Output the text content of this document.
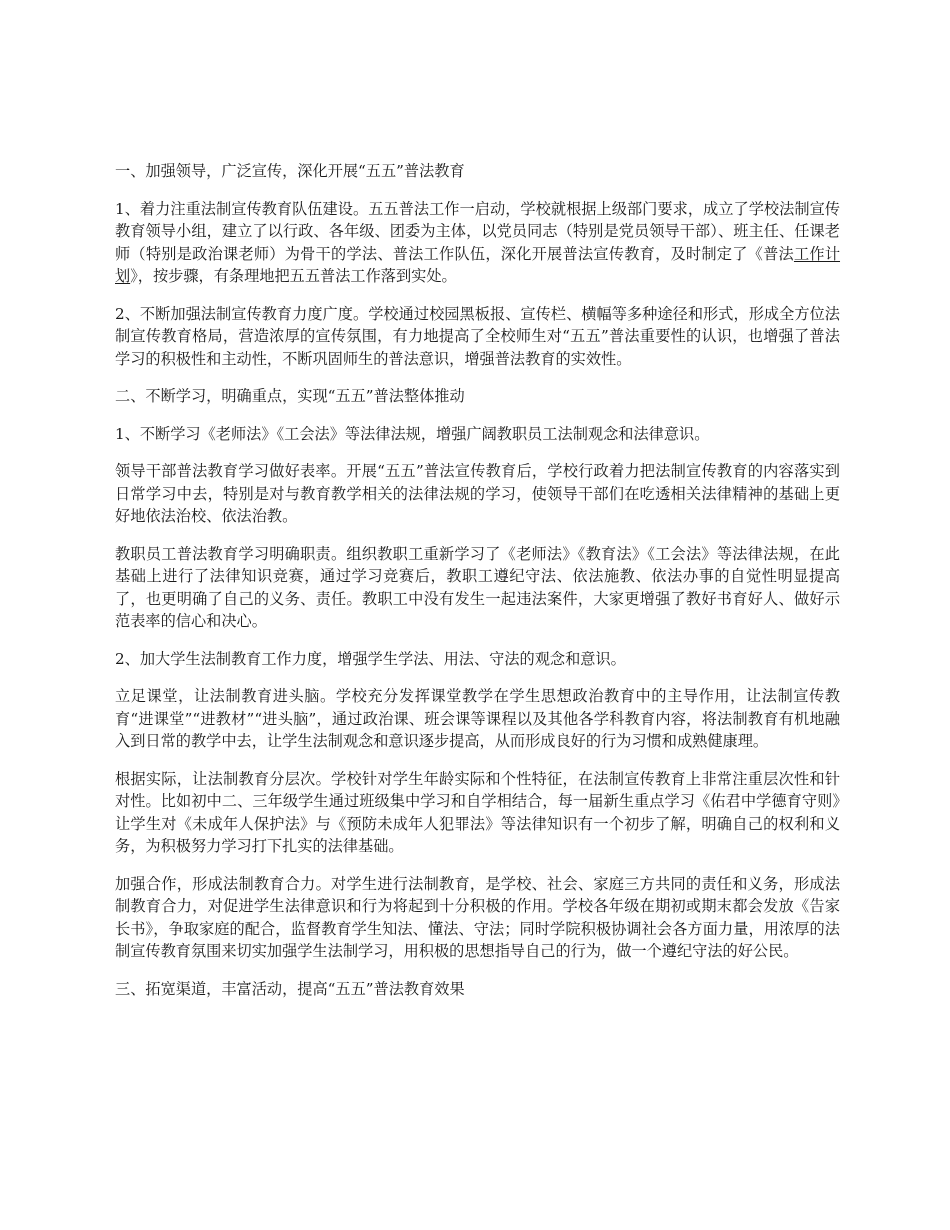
一、加强领导，广泛宣传，深化开展“五五”普法教育

1、着力注重法制宣传教育队伍建设。五五普法工作一启动，学校就根据上级部门要求，成立了学校法制宣传教育领导小组，建立了以行政、各年级、团委为主体，以党员同志（特别是党员领导干部）、班主任、任课老师（特别是政治课老师）为骨干的学法、普法工作队伍，深化开展普法宣传教育，及时制定了《普法工作计划》，按步骤，有条理地把五五普法工作落到实处。

2、不断加强法制宣传教育力度广度。学校通过校园黑板报、宣传栏、横幅等多种途径和形式，形成全方位法制宣传教育格局，营造浓厚的宣传氛围，有力地提高了全校师生对“五五”普法重要性的认识，也增强了普法学习的积极性和主动性，不断巩固师生的普法意识，增强普法教育的实效性。

二、不断学习，明确重点，实现“五五”普法整体推动

1、不断学习《老师法》《工会法》等法律法规，增强广阔教职员工法制观念和法律意识。

领导干部普法教育学习做好表率。开展“五五”普法宣传教育后，学校行政着力把法制宣传教育的内容落实到日常学习中去，特别是对与教育教学相关的法律法规的学习，使领导干部们在吃透相关法律精神的基础上更好地依法治校、依法治教。

教职员工普法教育学习明确职责。组织教职工重新学习了《老师法》《教育法》《工会法》等法律法规，在此基础上进行了法律知识竞赛，通过学习竞赛后，教职工遵纪守法、依法施教、依法办事的自觉性明显提高了，也更明确了自己的义务、责任。教职工中没有发生一起违法案件，大家更增强了教好书育好人、做好示范表率的信心和决心。

2、加大学生法制教育工作力度，增强学生学法、用法、守法的观念和意识。

立足课堂，让法制教育进头脑。学校充分发挥课堂教学在学生思想政治教育中的主导作用，让法制宣传教育“进课堂”“进教材”“进头脑”，通过政治课、班会课等课程以及其他各学科教育内容，将法制教育有机地融入到日常的教学中去，让学生法制观念和意识逐步提高，从而形成良好的行为习惯和成熟健康理。

根据实际，让法制教育分层次。学校针对学生年龄实际和个性特征，在法制宣传教育上非常注重层次性和针对性。比如初中二、三年级学生通过班级集中学习和自学相结合，每一届新生重点学习《佑君中学德育守则》让学生对《未成年人保护法》与《预防未成年人犯罪法》等法律知识有一个初步了解，明确自己的权利和义务，为积极努力学习打下扎实的法律基础。

加强合作，形成法制教育合力。对学生进行法制教育，是学校、社会、家庭三方共同的责任和义务，形成法制教育合力，对促进学生法律意识和行为将起到十分积极的作用。学校各年级在期初或期末都会发放《告家长书》，争取家庭的配合，监督教育学生知法、懂法、守法；同时学院积极协调社会各方面力量，用浓厚的法制宣传教育氛围来切实加强学生法制学习，用积极的思想指导自己的行为，做一个遵纪守法的好公民。

三、拓宽渠道，丰富活动，提高“五五”普法教育效果
